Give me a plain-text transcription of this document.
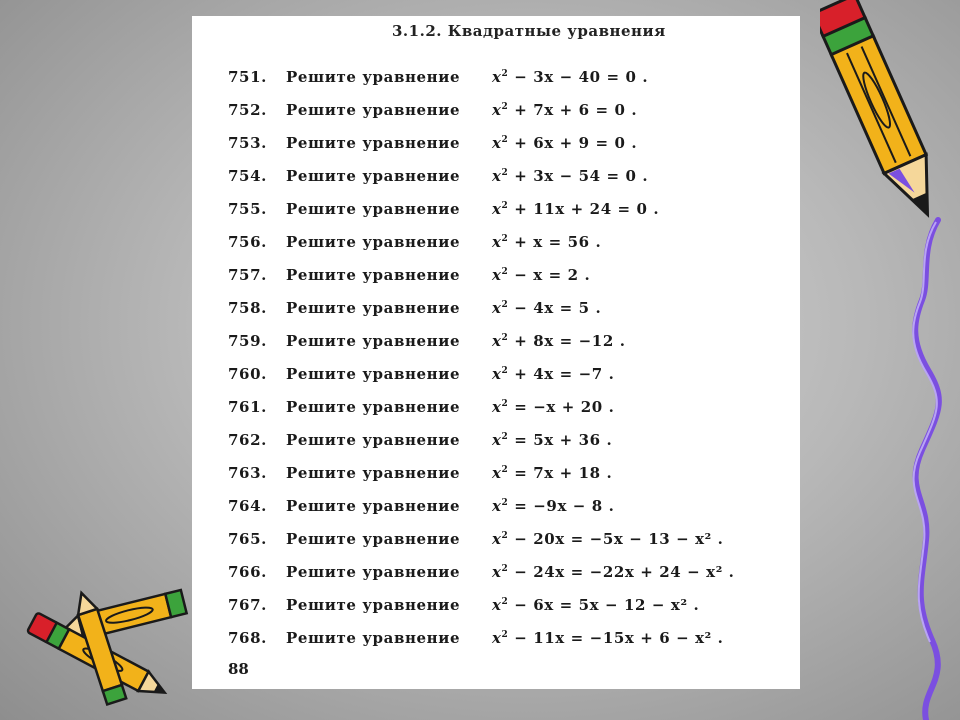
3.1.2. Квадратные уравнения
751.	Решите уравнение $x^2 - 3x - 40 = 0$ .
752.	Решите уравнение $x^2 + 7x + 6 = 0$ .
753.	Решите уравнение $x^2 + 6x + 9 = 0$ .
754.	Решите уравнение $x^2 + 3x - 54 = 0$ .
755.	Решите уравнение $x^2 + 11x + 24 = 0$ .
756.	Решите уравнение $x^2 + x = 56$ .
757.	Решите уравнение $x^2 - x = 2$ .
758.	Решите уравнение $x^2 - 4x = 5$ .
759.	Решите уравнение $x^2 + 8x = -12$ .
760.	Решите уравнение $x^2 + 4x = -7$ .
761.	Решите уравнение $x^2 = -x + 20$ .
762.	Решите уравнение $x^2 = 5x + 36$ .
763.	Решите уравнение $x^2 = 7x + 18$ .
764.	Решите уравнение $x^2 = -9x - 8$ .
765.	Решите уравнение $x^2 - 20x = -5x - 13 - x^2$ .
766.	Решите уравнение $x^2 - 24x = -22x + 24 - x^2$ .
767.	Решите уравнение $x^2 - 6x = 5x - 12 - x^2$ .
768.	Решите уравнение $x^2 - 11x = -15x + 6 - x^2$ .
88
